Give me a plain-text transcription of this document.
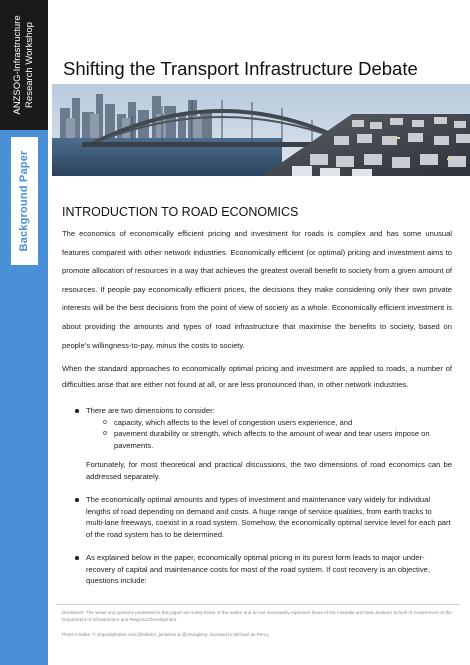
ANZSOG-Infrastructure Research Workshop
Background Paper
Shifting the Transport Infrastructure Debate
INTRODUCTION TO ROAD ECONOMICS

The economics of economically efficient pricing and investment for roads is complex and has some unusual features compared with other network industries. Economically efficient (or optimal) pricing and investment aims to promote allocation of resources in a way that achieves the greatest overall benefit to society from a given amount of resources. If people pay economically efficient prices, the decisions they make considering only their own private interests will be the best decisions from the point of view of society as a whole. Economically efficient investment is about providing the amounts and types of road infrastructure that maximise the benefits to society, based on people’s willingness-to-pay, minus the costs to society.

When the standard approaches to economically optimal pricing and investment are applied to roads, a number of difficulties arise that are either not found at all, or are less pronounced than, in other network industries.

There are two dimensions to consider:
o capacity, which affects to the level of congestion users experience, and
o pavement durability or strength, which affects to the amount of wear and tear users impose on pavements.

Fortunately, for most theoretical and practical discussions, the two dimensions of road economics can be addressed separately.

The economically optimal amounts and types of investment and maintenance vary widely for individual lengths of road depending on demand and costs. A huge range of service qualities, from earth tracks to multi-lane freeways, coexist in a road system. Somehow, the economically optimal service level for each part of the road system has to be determined.
As explained below in the paper, economically optimal pricing in its purest form leads to major under-recovery of capital and maintenance costs for most of the road system. If cost recovery is an objective, questions include:
Disclaimer: The views and opinions presented in this paper are solely those of the author and do not necessarily represent those of the Australia and New Zealand School of Government or the Department of Infrastructure and Regional Development.
Photo Credits: © Depositphotos.com/@lefebvr_jonathan & @chungking, licensed to Michael de Percy.
